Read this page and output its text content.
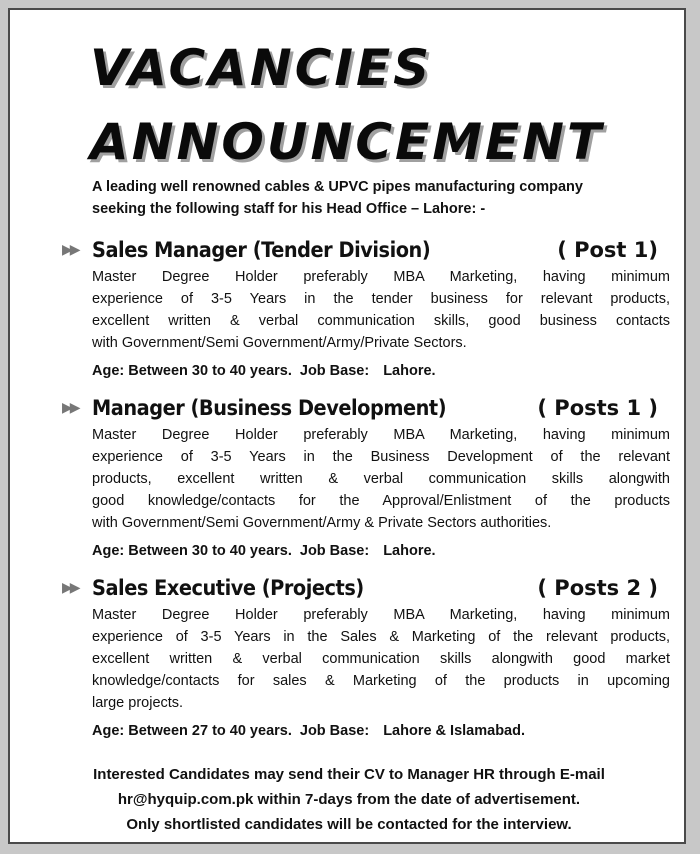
VACANCIES
ANNOUNCEMENT
A leading well renowned cables & UPVC pipes manufacturing company
seeking the following staff for his Head Office – Lahore: -
▶▶ Sales Manager (Tender Division)	( Post 1)
Master Degree Holder preferably MBA Marketing, having minimum
experience of 3-5 Years in the tender business for relevant products,
excellent written & verbal communication skills, good business contacts
with Government/Semi Government/Army/Private Sectors.
Age: Between 30 to 40 years. Job Base: Lahore.
▶▶ Manager (Business Development)	( Posts 1 )
Master Degree Holder preferably MBA Marketing, having minimum
experience of 3-5 Years in the Business Development of the relevant
products, excellent written & verbal communication skills alongwith
good knowledge/contacts for the Approval/Enlistment of the products
with Government/Semi Government/Army & Private Sectors authorities.
Age: Between 30 to 40 years. Job Base: Lahore.
▶▶ Sales Executive (Projects)	( Posts 2 )
Master Degree Holder preferably MBA Marketing, having minimum
experience of 3-5 Years in the Sales & Marketing of the relevant products,
excellent written & verbal communication skills alongwith good market
knowledge/contacts for sales & Marketing of the products in upcoming
large projects.
Age: Between 27 to 40 years. Job Base: Lahore & Islamabad.
Interested Candidates may send their CV to Manager HR through E-mail
hr@hyquip.com.pk within 7-days from the date of advertisement.
Only shortlisted candidates will be contacted for the interview.
